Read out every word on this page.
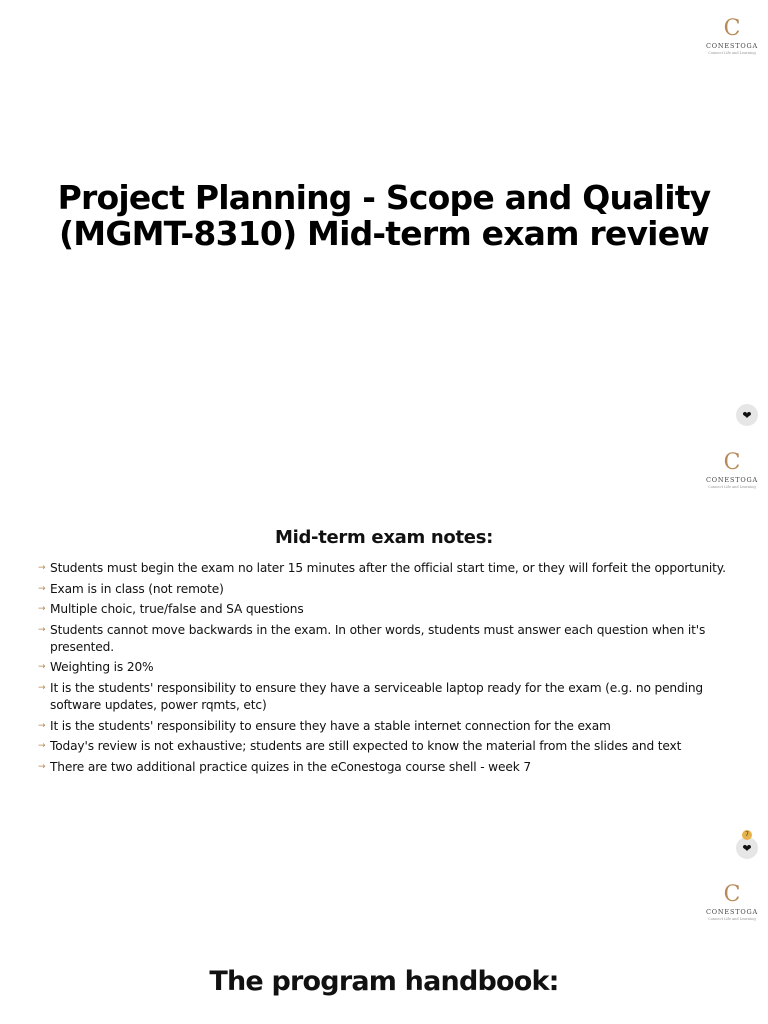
C
CONESTOGA
Connect Life and Learning
Project Planning - Scope and Quality
(MGMT-8310) Mid-term exam review
❤
C
CONESTOGA
Connect Life and Learning
Mid-term exam notes:
→ Students must begin the exam no later 15 minutes after the official start time, or they will forfeit the opportunity.
→ Exam is in class (not remote)
→ Multiple choic, true/false and SA questions
→ Students cannot move backwards in the exam. In other words, students must answer each question when it's presented.
→ Weighting is 20%
→ It is the students' responsibility to ensure they have a serviceable laptop ready for the exam (e.g. no pending software updates, power rqmts, etc)
→ It is the students' responsibility to ensure they have a stable internet connection for the exam
→ Today's review is not exhaustive; students are still expected to know the material from the slides and text
→ There are two additional practice quizes in the eConestoga course shell - week 7
❤
7
C
CONESTOGA
Connect Life and Learning
The program handbook:
